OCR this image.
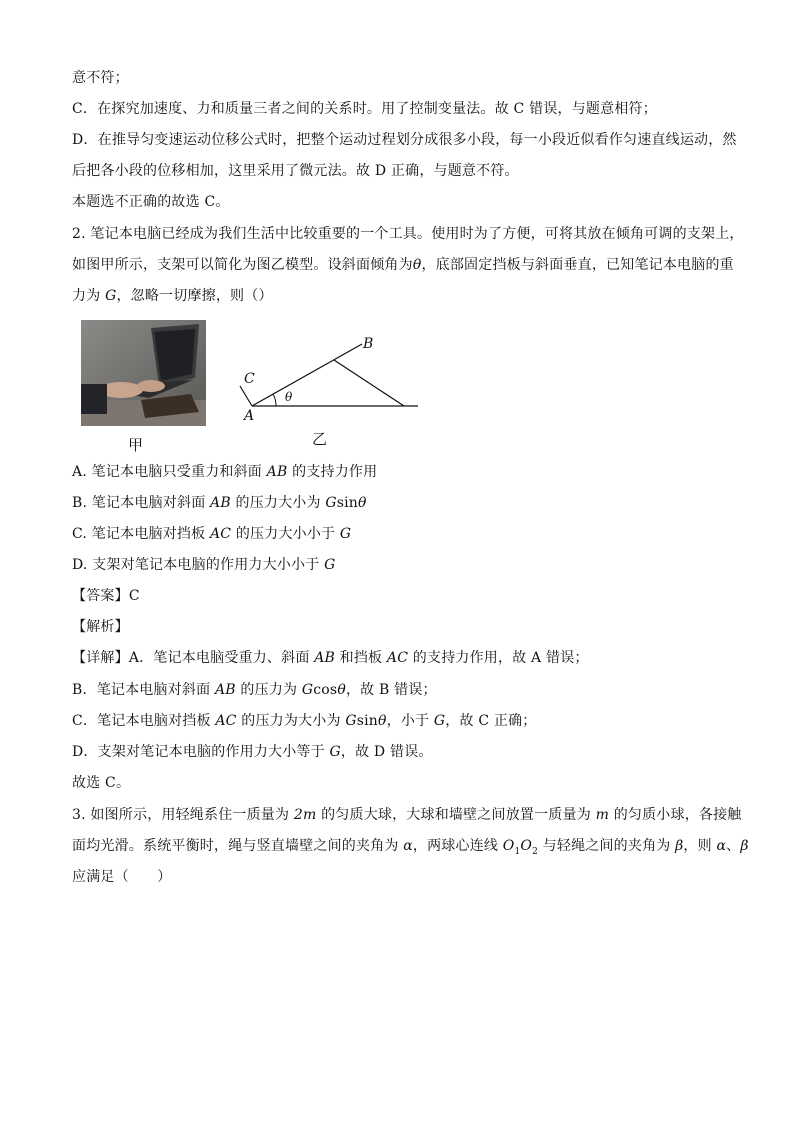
意不符；
C．在探究加速度、力和质量三者之间的关系时。用了控制变量法。故 C 错误，与题意相符；
D．在推导匀变速运动位移公式时，把整个运动过程划分成很多小段，每一小段近似看作匀速直线运动，然
后把各小段的位移相加，这里采用了微元法。故 D 正确，与题意不符。
本题选不正确的故选 C。
2. 笔记本电脑已经成为我们生活中比较重要的一个工具。使用时为了方便，可将其放在倾角可调的支架上，
如图甲所示，支架可以简化为图乙模型。设斜面倾角为θ，底部固定挡板与斜面垂直，已知笔记本电脑的重
力为 G，忽略一切摩擦，则（）
甲
B
C
A
θ
乙
A. 笔记本电脑只受重力和斜面 AB 的支持力作用
B. 笔记本电脑对斜面 AB 的压力大小为 Gsinθ
C. 笔记本电脑对挡板 AC 的压力大小小于 G
D. 支架对笔记本电脑的作用力大小小于 G
【答案】C
【解析】
【详解】A．笔记本电脑受重力、斜面 AB 和挡板 AC 的支持力作用，故 A 错误；
B．笔记本电脑对斜面 AB 的压力为 Gcosθ，故 B 错误；
C．笔记本电脑对挡板 AC 的压力为大小为 Gsinθ，小于 G，故 C 正确；
D．支架对笔记本电脑的作用力大小等于 G，故 D 错误。
故选 C。
3. 如图所示，用轻绳系住一质量为 2m 的匀质大球，大球和墙壁之间放置一质量为 m 的匀质小球，各接触
面均光滑。系统平衡时，绳与竖直墙壁之间的夹角为 α，两球心连线 $O_1O_2$ 与轻绳之间的夹角为 β，则 α、β
应满足（　　）
